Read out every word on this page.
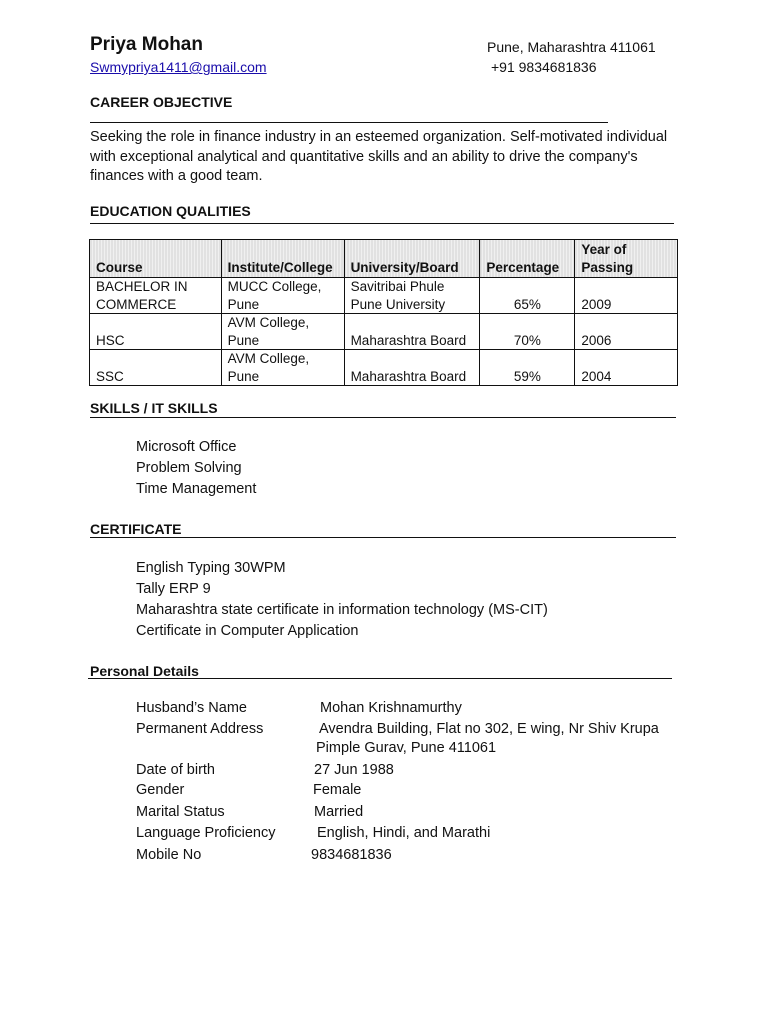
Priya Mohan
Swmypriya1411@gmail.com
Pune, Maharashtra 411061
+91 9834681836
CAREER OBJECTIVE
Seeking the role in finance industry in an esteemed organization. Self-motivated individual with exceptional analytical and quantitative skills and an ability to drive the company's finances with a good team.
EDUCATION QUALITIES
Course	Institute/College	University/Board	Percentage	Year of Passing
BACHELOR IN COMMERCE	MUCC College, Pune	Savitribai Phule Pune University	65%	2009
HSC	AVM College, Pune	Maharashtra Board	70%	2006
SSC	AVM College, Pune	Maharashtra Board	59%	2004
SKILLS / IT SKILLS
Microsoft Office
Problem Solving
Time Management
CERTIFICATE
English Typing 30WPM
Tally ERP 9
Maharashtra state certificate in information technology (MS-CIT)
Certificate in Computer Application
Personal Details
Husband’s Name	Mohan Krishnamurthy
Permanent Address	Avendra Building, Flat no 302, E wing, Nr Shiv Krupa
Pimple Gurav, Pune 411061
Date of birth	27 Jun 1988
Gender	Female
Marital Status	Married
Language Proficiency	English, Hindi, and Marathi
Mobile No	9834681836
